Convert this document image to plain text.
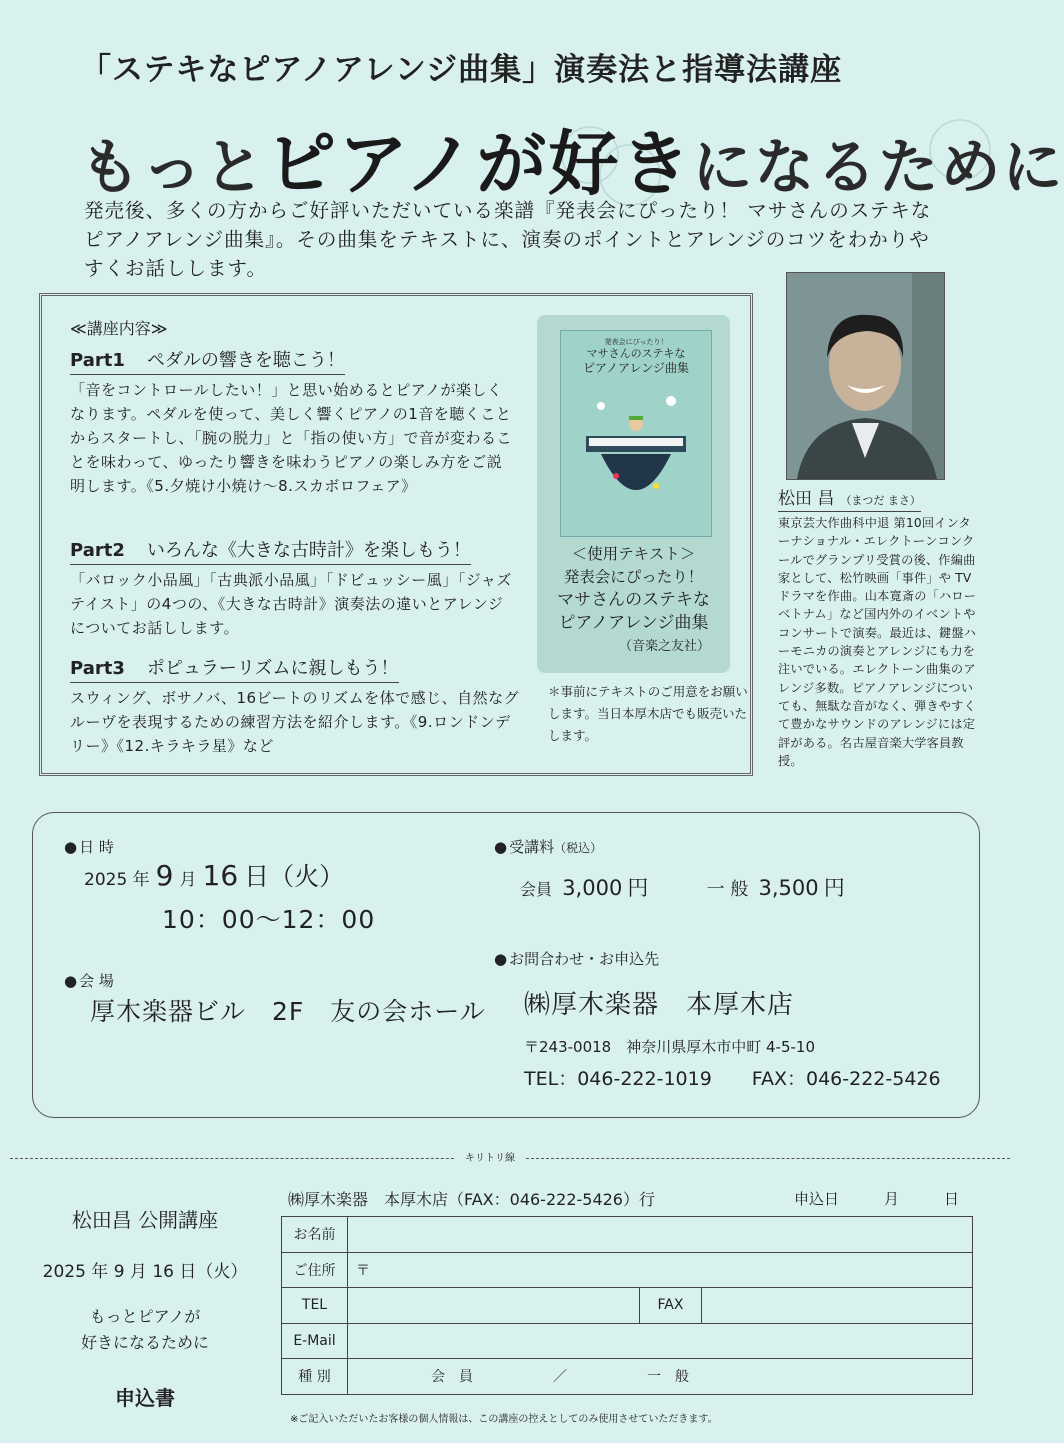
「ステキなピアノアレンジ曲集」演奏法と指導法講座
もっとピアノが好きになるために
発売後、多くの方からご好評いただいている楽譜『発表会にぴったり！ マサさんのステキなピアノアレンジ曲集』。その曲集をテキストに、演奏のポイントとアレンジのコツをわかりやすくお話しします。
≪講座内容≫
Part1 ペダルの響きを聴こう！
「音をコントロールしたい！」と思い始めるとピアノが楽しくなります。ペダルを使って、美しく響くピアノの1音を聴くことからスタートし、「腕の脱力」と「指の使い方」で音が変わることを味わって、ゆったり響きを味わうピアノの楽しみ方をご説明します。《5.夕焼け小焼け～8.スカボロフェア》
Part2 いろんな《大きな古時計》を楽しもう！
「バロック小品風」「古典派小品風」「ドビュッシー風」「ジャズテイスト」の4つの、《大きな古時計》演奏法の違いとアレンジについてお話しします。
Part3 ポピュラーリズムに親しもう！
スウィング、ボサノバ、16ビートのリズムを体で感じ、自然なグルーヴを表現するための練習方法を紹介します。《9.ロンドンデリー》《12.キラキラ星》など
発表会にぴったり！
マサさんのステキな
ピアノアレンジ曲集
＜使用テキスト＞
発表会にぴったり！
マサさんのステキな
ピアノアレンジ曲集
（音楽之友社）
＊事前にテキストのご用意をお願いします。当日本厚木店でも販売いたします。
松田 昌 （まつだ まさ）
東京芸大作曲科中退 第10回インターナショナル・エレクトーンコンクールでグランプリ受賞の後、作編曲家として、松竹映画「事件」や TV ドラマを作曲。山本寛斎の「ハローベトナム」など国内外のイベントやコンサートで演奏。最近は、鍵盤ハーモニカの演奏とアレンジにも力を注いでいる。エレクトーン曲集のアレンジ多数。ピアノアレンジについても、無駄な音がなく、弾きやすくて豊かなサウンドのアレンジには定評がある。名古屋音楽大学客員教授。
● 日 時
2025 年 9 月 16 日（火）
10：00～12：00
● 会 場
厚木楽器ビル　2F　友の会ホール
● 受講料（税込）
会員 3,000 円	一 般 3,500 円
● お問合わせ・お申込先
㈱厚木楽器　本厚木店
〒243-0018　神奈川県厚木市中町 4-5-10
TEL：046-222-1019 FAX：046-222-5426
キリトリ線
松田昌 公開講座
2025 年 9 月 16 日（火）
もっとピアノが
好きになるために
申込書
㈱厚木楽器　本厚木店（FAX：046-222-5426）行	申込日　　　月　　　日
お名前			
ご住所	〒		
TEL		FAX	
E-Mail			
種 別	会　員 ／ 一　般		
※ご記入いただいたお客様の個人情報は、この講座の控えとしてのみ使用させていただきます。
